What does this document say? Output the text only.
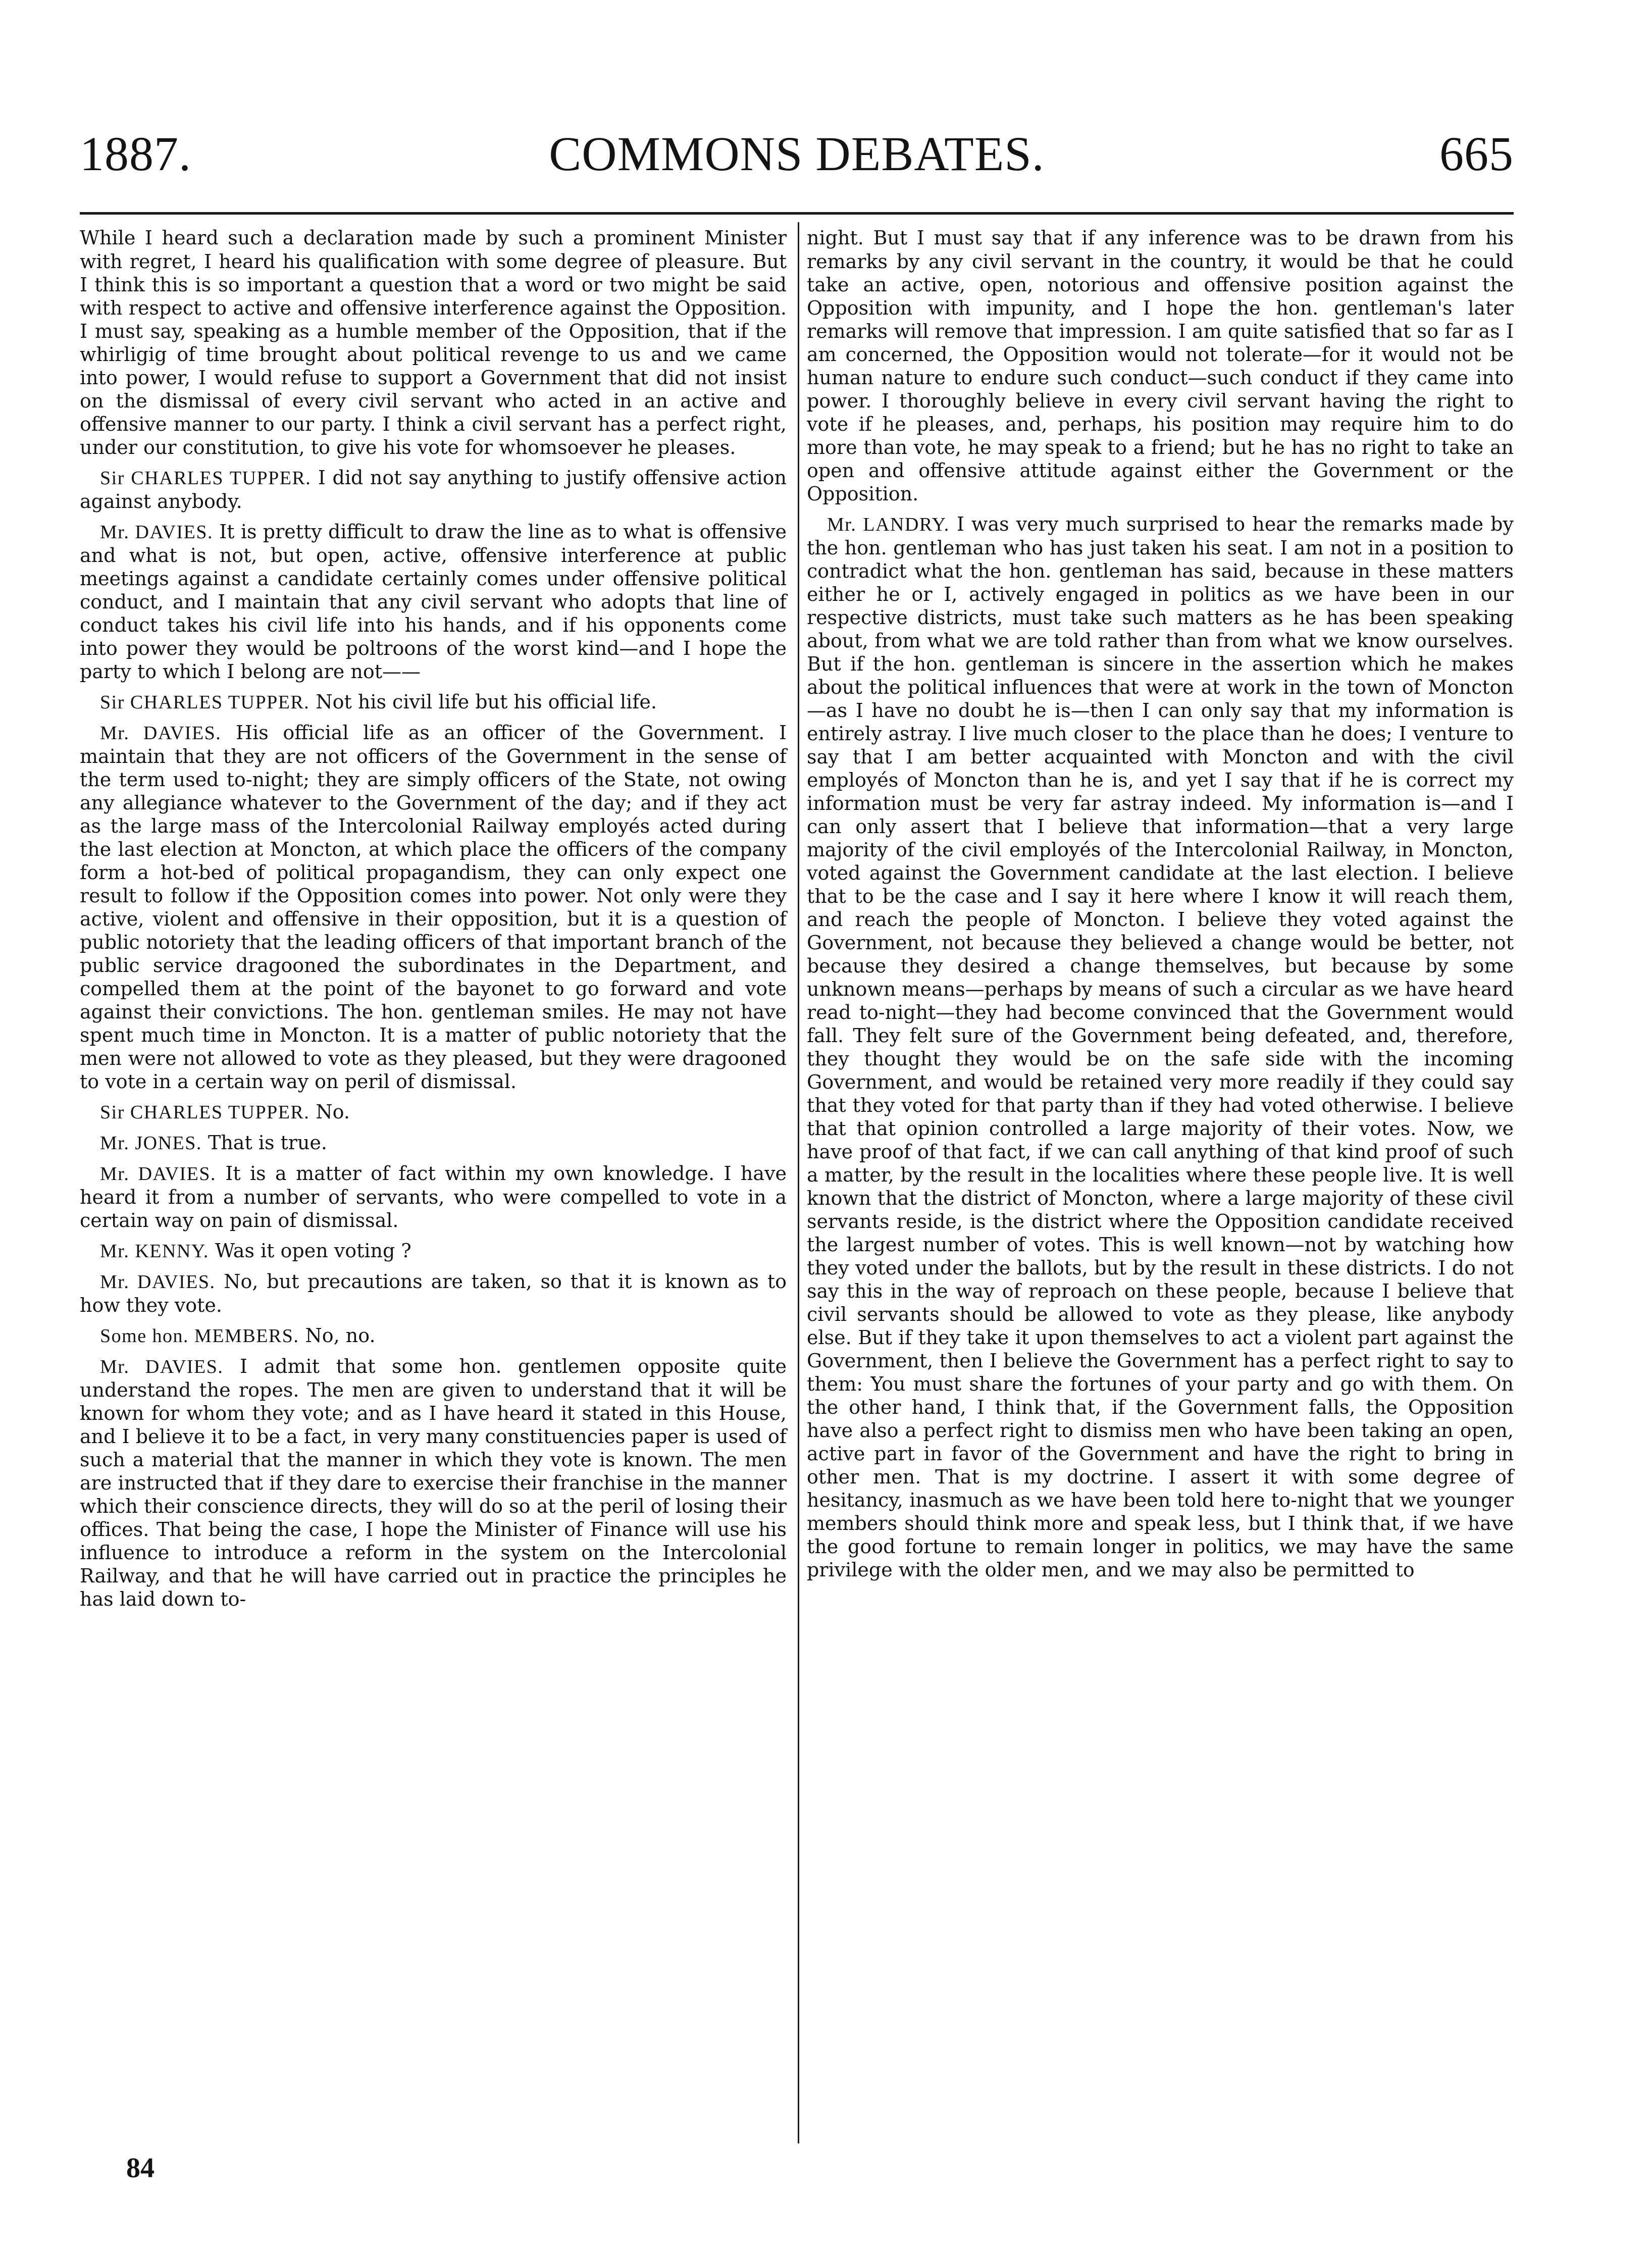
1887.	COMMONS DEBATES.	665

While I heard such a declaration made by such a prominent Minister with regret, I heard his qualification with some degree of pleasure. But I think this is so important a question that a word or two might be said with respect to active and offensive interference against the Opposition. I must say, speaking as a humble member of the Opposition, that if the whirligig of time brought about political revenge to us and we came into power, I would refuse to support a Government that did not insist on the dismissal of every civil servant who acted in an active and offensive manner to our party. I think a civil servant has a perfect right, under our constitution, to give his vote for whomsoever he pleases.

Sir CHARLES TUPPER. I did not say anything to justify offensive action against anybody.

Mr. DAVIES. It is pretty difficult to draw the line as to what is offensive and what is not, but open, active, offensive interference at public meetings against a candidate certainly comes under offensive political conduct, and I maintain that any civil servant who adopts that line of conduct takes his civil life into his hands, and if his opponents come into power they would be poltroons of the worst kind—and I hope the party to which I belong are not——

Sir CHARLES TUPPER. Not his civil life but his official life.

Mr. DAVIES. His official life as an officer of the Government. I maintain that they are not officers of the Government in the sense of the term used to-night; they are simply officers of the State, not owing any allegiance whatever to the Government of the day; and if they act as the large mass of the Intercolonial Railway employés acted during the last election at Moncton, at which place the officers of the company form a hot-bed of political propagandism, they can only expect one result to follow if the Opposition comes into power. Not only were they active, violent and offensive in their opposition, but it is a question of public notoriety that the leading officers of that important branch of the public service dragooned the subordinates in the Department, and compelled them at the point of the bayonet to go forward and vote against their convictions. The hon. gentleman smiles. He may not have spent much time in Moncton. It is a matter of public notoriety that the men were not allowed to vote as they pleased, but they were dragooned to vote in a certain way on peril of dismissal.

Sir CHARLES TUPPER. No.

Mr. JONES. That is true.

Mr. DAVIES. It is a matter of fact within my own knowledge. I have heard it from a number of servants, who were compelled to vote in a certain way on pain of dismissal.

Mr. KENNY. Was it open voting ?

Mr. DAVIES. No, but precautions are taken, so that it is known as to how they vote.

Some hon. MEMBERS. No, no.

Mr. DAVIES. I admit that some hon. gentlemen opposite quite understand the ropes. The men are given to understand that it will be known for whom they vote; and as I have heard it stated in this House, and I believe it to be a fact, in very many constituencies paper is used of such a material that the manner in which they vote is known. The men are instructed that if they dare to exercise their franchise in the manner which their conscience directs, they will do so at the peril of losing their offices. That being the case, I hope the Minister of Finance will use his influence to introduce a reform in the system on the Intercolonial Railway, and that he will have carried out in practice the principles he has laid down to-

night. But I must say that if any inference was to be drawn from his remarks by any civil servant in the country, it would be that he could take an active, open, notorious and offensive position against the Opposition with impunity, and I hope the hon. gentleman's later remarks will remove that impression. I am quite satisfied that so far as I am concerned, the Opposition would not tolerate—for it would not be human nature to endure such conduct—such conduct if they came into power. I thoroughly believe in every civil servant having the right to vote if he pleases, and, perhaps, his position may require him to do more than vote, he may speak to a friend; but he has no right to take an open and offensive attitude against either the Government or the Opposition.

Mr. LANDRY. I was very much surprised to hear the remarks made by the hon. gentleman who has just taken his seat. I am not in a position to contradict what the hon. gentleman has said, because in these matters either he or I, actively engaged in politics as we have been in our respective districts, must take such matters as he has been speaking about, from what we are told rather than from what we know ourselves. But if the hon. gentleman is sincere in the assertion which he makes about the political influences that were at work in the town of Moncton—as I have no doubt he is—then I can only say that my information is entirely astray. I live much closer to the place than he does; I venture to say that I am better acquainted with Moncton and with the civil employés of Moncton than he is, and yet I say that if he is correct my information must be very far astray indeed. My information is—and I can only assert that I believe that information—that a very large majority of the civil employés of the Intercolonial Railway, in Moncton, voted against the Government candidate at the last election. I believe that to be the case and I say it here where I know it will reach them, and reach the people of Moncton. I believe they voted against the Government, not because they believed a change would be better, not because they desired a change themselves, but because by some unknown means—perhaps by means of such a circular as we have heard read to-night—they had become convinced that the Government would fall. They felt sure of the Government being defeated, and, therefore, they thought they would be on the safe side with the incoming Government, and would be retained very more readily if they could say that they voted for that party than if they had voted otherwise. I believe that that opinion controlled a large majority of their votes. Now, we have proof of that fact, if we can call anything of that kind proof of such a matter, by the result in the localities where these people live. It is well known that the district of Moncton, where a large majority of these civil servants reside, is the district where the Opposition candidate received the largest number of votes. This is well known—not by watching how they voted under the ballots, but by the result in these districts. I do not say this in the way of reproach on these people, because I believe that civil servants should be allowed to vote as they please, like anybody else. But if they take it upon themselves to act a violent part against the Government, then I believe the Government has a perfect right to say to them: You must share the fortunes of your party and go with them. On the other hand, I think that, if the Government falls, the Opposition have also a perfect right to dismiss men who have been taking an open, active part in favor of the Government and have the right to bring in other men. That is my doctrine. I assert it with some degree of hesitancy, inasmuch as we have been told here to-night that we younger members should think more and speak less, but I think that, if we have the good fortune to remain longer in politics, we may have the same privilege with the older men, and we may also be permitted to

84
